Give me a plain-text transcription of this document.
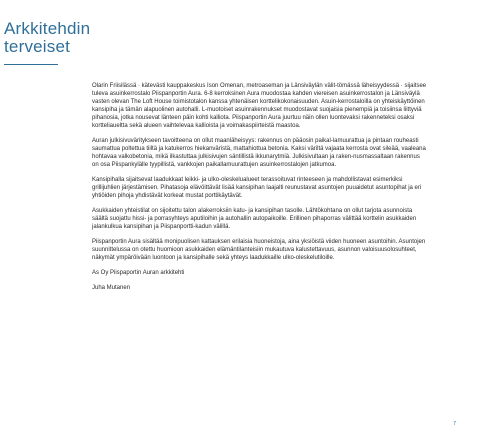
Arkkitehdin
terveiset

Olarin Friisilässä · kätevästi kauppakeskus Ison Omenan, metroaseman ja Länsiväylän välit-tömässä läheisyydessä · sijaitsee tuleva asuinkerrostalo Piispanportin Aura. 6-8 kerroksinen Aura muodostaa kahden viereisen asuinkerrostalon ja Länsiväylä vasten olevan The Loft House toimistotalon kanssa yhtenäisen korttelikokonaisuuden. Asuin-kerrostaloilla on yhteiskäyttöinen kansipiha ja tämän alapuolinen autohalli. L-muotoiset asuinrakennukset muodostavat suojaisia pienempiä ja toisiinsa liittyviä pihanosia, jotka nousevat länteen päin kohti kalliota. Piispanportin Aura juurtuu näin ollen luontevaksi rakenneteksi osaksi kortteliaueltta sekä alueen vaihtelevaa kallioista ja voimakaspiirteistä maastoa.

Auran julkisivuväritykseen tavoitteena on ollut maanläheisyys: rakennus on pääosin paikal-lamuurattua ja pintaan rouheasti saumattua poltettua tiiltä ja katukerros hiekanväristä, mattahiottua betonia. Kaksi väriltä vajaata kerrosta ovat sileää, vaaleana hohtavaa valkobetonia, mikä ilkastuttaa julkisivujen säntillistä ikkunarytmiä. Julkisivultaan ja raken-nusmassaltaan rakennus on osa Piispankylälle tyypillistä, vankkojen paikallamuurattujen asuinkerrostalojen jatkumoa.

Kansipihalla sijaitsevat laadukkaat leikki- ja ulko-oleskelualueet terassoituvat rinteeseen ja mahdollistavat esimerkiksi grillijuhlien järjestämisen. Pihatasoja elävöittävät lisää kansipihan laajalti reunustavat asuntojen puuaidetut asuntopihat ja eri yhtiöiden pihoja yhdistävät korkeat mustat porttikäytävät.

Asukkaiden yhteistilat on sijoitettu talon alakerroksiin katu- ja kansipihan tasolle. Lähtökohtana on ollut tarjota asunnoista säältä suojattu hissi- ja porrasyhteys aputiloihin ja autohallin autopaikoille. Erillinen pihaporras välittää korttelin asukkaiden jalankulkua kansipihan ja Piispanportti-kadun välillä.

Piispanportin Aura sisältää monipuolisen kattauksen erilaisia huoneistoja, aina yksiöistä viiden huoneen asuntoihin. Asuntojen suunnittelussa on otettu huomioon asukkaiden elämäntilanteisiin mukautuva kalustettavuus, asunnon valoisuusolosuhteet, näkymät ympäröivään luontoon ja kansipihalle sekä yhteys laadukkaille ulko-oleskelutiloille.

As Oy Piispaportin Auran arkkitehti

Juha Mutanen

7
